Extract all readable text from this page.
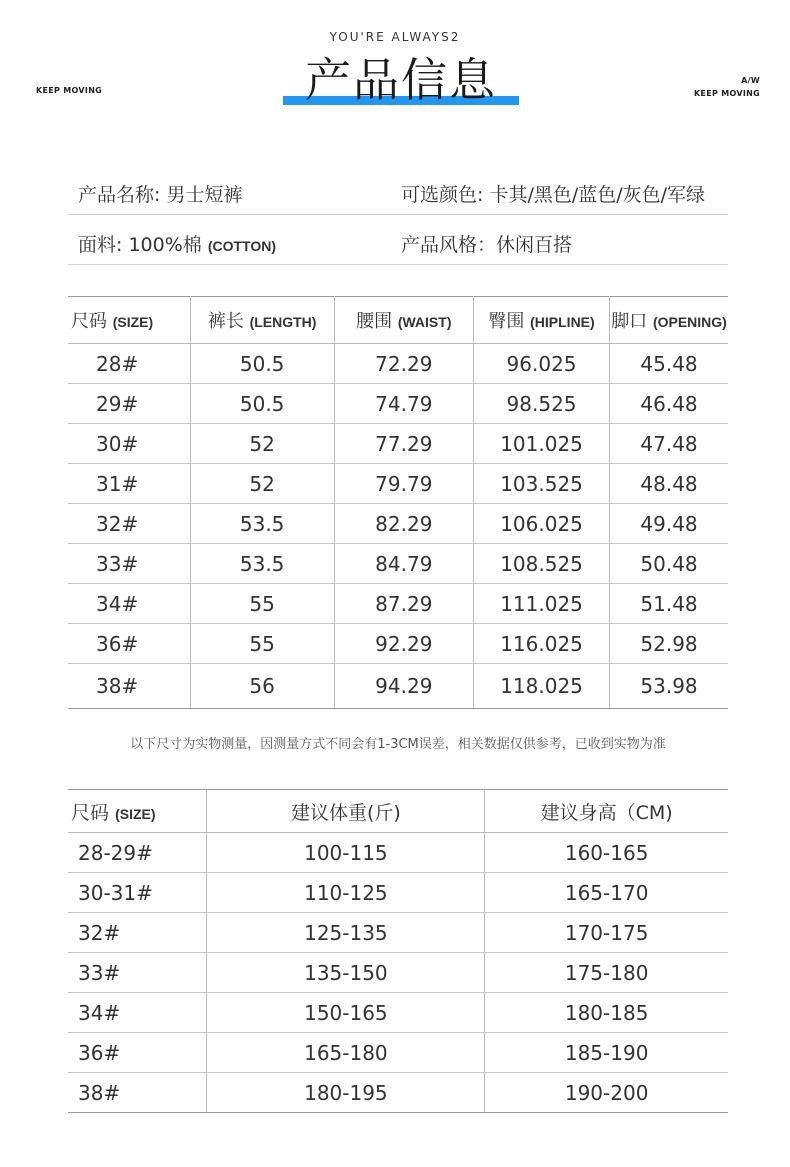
YOU'RE ALWAYS2
KEEP MOVING
A/W
KEEP MOVING
产品信息
产品名称: 男士短裤	可选颜色: 卡其/黑色/蓝色/灰色/军绿
面料: 100%棉 (COTTON)	产品风格：休闲百搭
尺码 (SIZE)	裤长 (LENGTH)	腰围 (WAIST)	臀围 (HIPLINE)	脚口 (OPENING)
28#	50.5	72.29	96.025	45.48
29#	50.5	74.79	98.525	46.48
30#	52	77.29	101.025	47.48
31#	52	79.79	103.525	48.48
32#	53.5	82.29	106.025	49.48
33#	53.5	84.79	108.525	50.48
34#	55	87.29	111.025	51.48
36#	55	92.29	116.025	52.98
38#	56	94.29	118.025	53.98
以下尺寸为实物测量，因测量方式不同会有1-3CM误差，相关数据仅供参考，已收到实物为准
尺码 (SIZE)	建议体重(斤)	建议身高（CM)
28-29#	100-115	160-165
30-31#	110-125	165-170
32#	125-135	170-175
33#	135-150	175-180
34#	150-165	180-185
36#	165-180	185-190
38#	180-195	190-200
